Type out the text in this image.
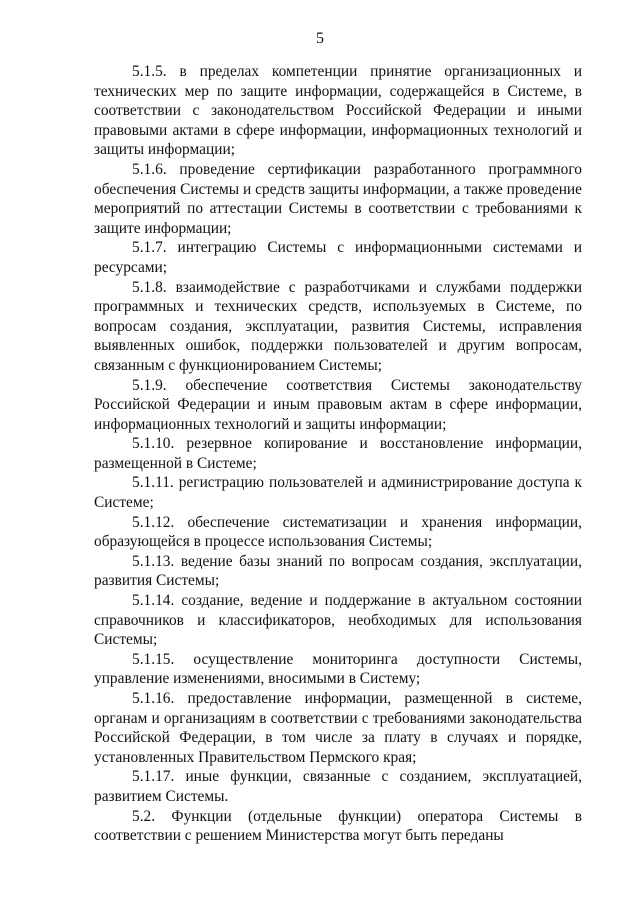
5

5.1.5. в пределах компетенции принятие организационных и технических мер по защите информации, содержащейся в Системе, в соответствии с законодательством Российской Федерации и иными правовыми актами в сфере информации, информационных технологий и защиты информации;

5.1.6. проведение сертификации разработанного программного обеспечения Системы и средств защиты информации, а также проведение мероприятий по аттестации Системы в соответствии с требованиями к защите информации;

5.1.7. интеграцию Системы с информационными системами и ресурсами;

5.1.8. взаимодействие с разработчиками и службами поддержки программных и технических средств, используемых в Системе, по вопросам создания, эксплуатации, развития Системы, исправления выявленных ошибок, поддержки пользователей и другим вопросам, связанным с функционированием Системы;

5.1.9. обеспечение соответствия Системы законодательству Российской Федерации и иным правовым актам в сфере информации, информационных технологий и защиты информации;

5.1.10. резервное копирование и восстановление информации, размещенной в Системе;

5.1.11. регистрацию пользователей и администрирование доступа к Системе;

5.1.12. обеспечение систематизации и хранения информации, образующейся в процессе использования Системы;

5.1.13. ведение базы знаний по вопросам создания, эксплуатации, развития Системы;

5.1.14. создание, ведение и поддержание в актуальном состоянии справочников и классификаторов, необходимых для использования Системы;

5.1.15. осуществление мониторинга доступности Системы, управление изменениями, вносимыми в Систему;

5.1.16. предоставление информации, размещенной в системе, органам и организациям в соответствии с требованиями законодательства Российской Федерации, в том числе за плату в случаях и порядке, установленных Правительством Пермского края;

5.1.17. иные функции, связанные с созданием, эксплуатацией, развитием Системы.

5.2. Функции (отдельные функции) оператора Системы в соответствии с решением Министерства могут быть переданы
